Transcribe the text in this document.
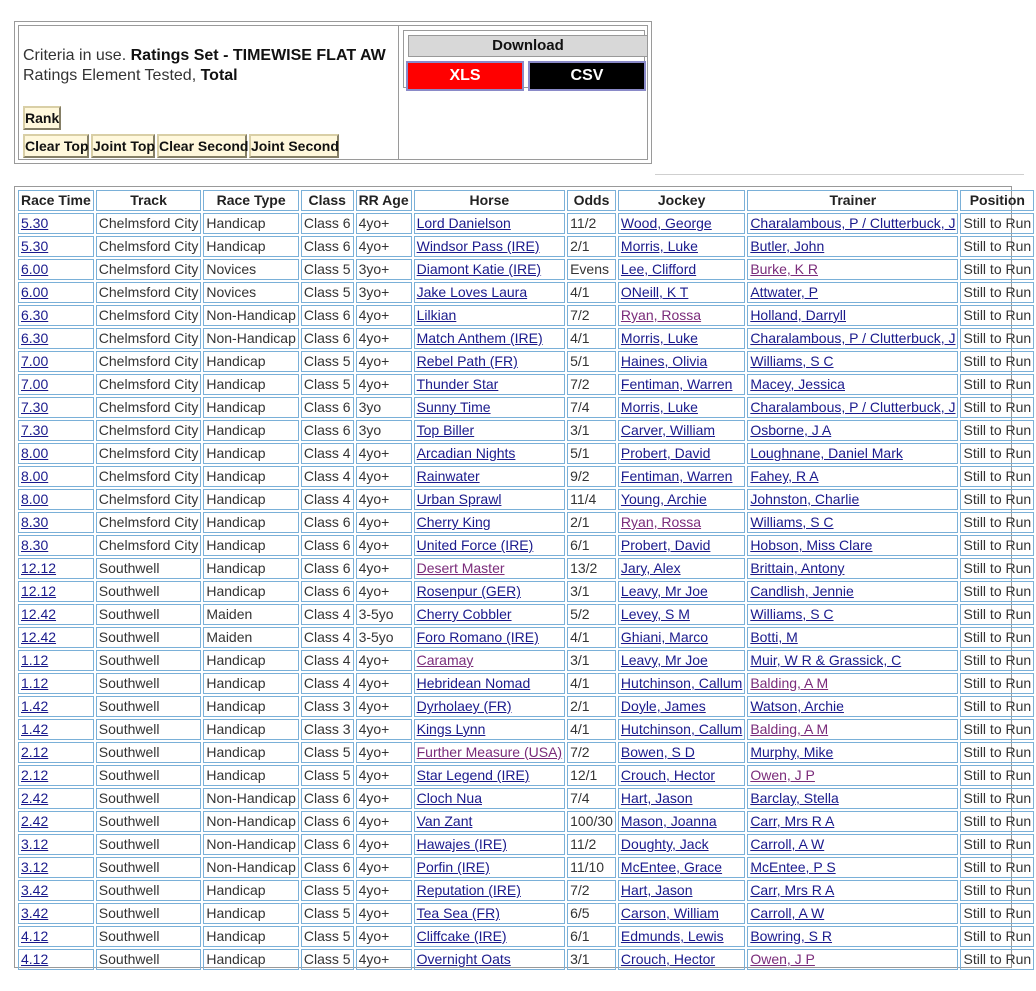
Criteria in use. Ratings Set - TIMEWISE FLAT AW
Ratings Element Tested, Total
Rank
Clear Top Joint Top Clear Second Joint Second
Download
XLS	CSV
Race Time	Track	Race Type	Class	RR Age	Horse	Odds	Jockey	Trainer	Position
5.30	Chelmsford City	Handicap	Class 6	4yo+	Lord Danielson	11/2	Wood, George	Charalambous, P / Clutterbuck, J	Still to Run
5.30	Chelmsford City	Handicap	Class 6	4yo+	Windsor Pass (IRE)	2/1	Morris, Luke	Butler, John	Still to Run
6.00	Chelmsford City	Novices	Class 5	3yo+	Diamont Katie (IRE)	Evens	Lee, Clifford	Burke, K R	Still to Run
6.00	Chelmsford City	Novices	Class 5	3yo+	Jake Loves Laura	4/1	ONeill, K T	Attwater, P	Still to Run
6.30	Chelmsford City	Non-Handicap	Class 6	4yo+	Lilkian	7/2	Ryan, Rossa	Holland, Darryll	Still to Run
6.30	Chelmsford City	Non-Handicap	Class 6	4yo+	Match Anthem (IRE)	4/1	Morris, Luke	Charalambous, P / Clutterbuck, J	Still to Run
7.00	Chelmsford City	Handicap	Class 5	4yo+	Rebel Path (FR)	5/1	Haines, Olivia	Williams, S C	Still to Run
7.00	Chelmsford City	Handicap	Class 5	4yo+	Thunder Star	7/2	Fentiman, Warren	Macey, Jessica	Still to Run
7.30	Chelmsford City	Handicap	Class 6	3yo	Sunny Time	7/4	Morris, Luke	Charalambous, P / Clutterbuck, J	Still to Run
7.30	Chelmsford City	Handicap	Class 6	3yo	Top Biller	3/1	Carver, William	Osborne, J A	Still to Run
8.00	Chelmsford City	Handicap	Class 4	4yo+	Arcadian Nights	5/1	Probert, David	Loughnane, Daniel Mark	Still to Run
8.00	Chelmsford City	Handicap	Class 4	4yo+	Rainwater	9/2	Fentiman, Warren	Fahey, R A	Still to Run
8.00	Chelmsford City	Handicap	Class 4	4yo+	Urban Sprawl	11/4	Young, Archie	Johnston, Charlie	Still to Run
8.30	Chelmsford City	Handicap	Class 6	4yo+	Cherry King	2/1	Ryan, Rossa	Williams, S C	Still to Run
8.30	Chelmsford City	Handicap	Class 6	4yo+	United Force (IRE)	6/1	Probert, David	Hobson, Miss Clare	Still to Run
12.12	Southwell	Handicap	Class 6	4yo+	Desert Master	13/2	Jary, Alex	Brittain, Antony	Still to Run
12.12	Southwell	Handicap	Class 6	4yo+	Rosenpur (GER)	3/1	Leavy, Mr Joe	Candlish, Jennie	Still to Run
12.42	Southwell	Maiden	Class 4	3-5yo	Cherry Cobbler	5/2	Levey, S M	Williams, S C	Still to Run
12.42	Southwell	Maiden	Class 4	3-5yo	Foro Romano (IRE)	4/1	Ghiani, Marco	Botti, M	Still to Run
1.12	Southwell	Handicap	Class 4	4yo+	Caramay	3/1	Leavy, Mr Joe	Muir, W R & Grassick, C	Still to Run
1.12	Southwell	Handicap	Class 4	4yo+	Hebridean Nomad	4/1	Hutchinson, Callum	Balding, A M	Still to Run
1.42	Southwell	Handicap	Class 3	4yo+	Dyrholaey (FR)	2/1	Doyle, James	Watson, Archie	Still to Run
1.42	Southwell	Handicap	Class 3	4yo+	Kings Lynn	4/1	Hutchinson, Callum	Balding, A M	Still to Run
2.12	Southwell	Handicap	Class 5	4yo+	Further Measure (USA)	7/2	Bowen, S D	Murphy, Mike	Still to Run
2.12	Southwell	Handicap	Class 5	4yo+	Star Legend (IRE)	12/1	Crouch, Hector	Owen, J P	Still to Run
2.42	Southwell	Non-Handicap	Class 6	4yo+	Cloch Nua	7/4	Hart, Jason	Barclay, Stella	Still to Run
2.42	Southwell	Non-Handicap	Class 6	4yo+	Van Zant	100/30	Mason, Joanna	Carr, Mrs R A	Still to Run
3.12	Southwell	Non-Handicap	Class 6	4yo+	Hawajes (IRE)	11/2	Doughty, Jack	Carroll, A W	Still to Run
3.12	Southwell	Non-Handicap	Class 6	4yo+	Porfin (IRE)	11/10	McEntee, Grace	McEntee, P S	Still to Run
3.42	Southwell	Handicap	Class 5	4yo+	Reputation (IRE)	7/2	Hart, Jason	Carr, Mrs R A	Still to Run
3.42	Southwell	Handicap	Class 5	4yo+	Tea Sea (FR)	6/5	Carson, William	Carroll, A W	Still to Run
4.12	Southwell	Handicap	Class 5	4yo+	Cliffcake (IRE)	6/1	Edmunds, Lewis	Bowring, S R	Still to Run
4.12	Southwell	Handicap	Class 5	4yo+	Overnight Oats	3/1	Crouch, Hector	Owen, J P	Still to Run
